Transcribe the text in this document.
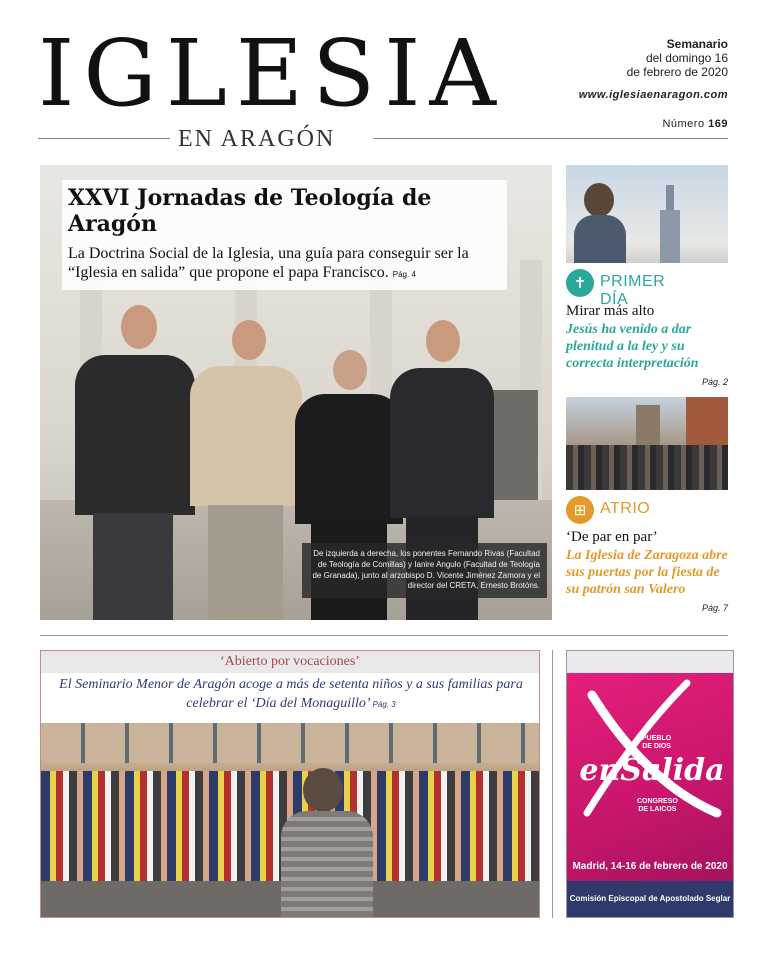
IGLESIA
EN ARAGÓN
Semanario
del domingo 16
de febrero de 2020
www.iglesiaenaragon.com
Número 169
XXVI Jornadas de Teología de Aragón
La Doctrina Social de la Iglesia, una guía para conseguir ser la “Iglesia en salida” que propone el papa Francisco. Pág. 4
De izquierda a derecha, los ponentes Fernando Rivas (Facultad de Teología de Comillas) y Ianire Angulo (Facultad de Teología de Granada), junto al arzobispo D. Vicente Jiménez Zamora y el director del CRETA, Ernesto Brotóns.
✝ PRIMER DÍA
Mirar más alto
Jesús ha venido a dar plenitud a la ley y su correcta interpretación
Pág. 2
⊞ ATRIO
‘De par en par’
La Iglesia de Zaragoza abre sus puertas por la fiesta de su patrón san Valero
Pág. 7
‘Abierto por vocaciones’
El Seminario Menor de Aragón acoge a más de setenta niños y a sus familias para celebrar el ‘Día del Monaguillo’ Pág. 3
PUEBLO
DE DIOS
enSalida
CONGRESO
DE LAICOS
Madrid, 14-16 de febrero de 2020
Comisión Episcopal de Apostolado Seglar
